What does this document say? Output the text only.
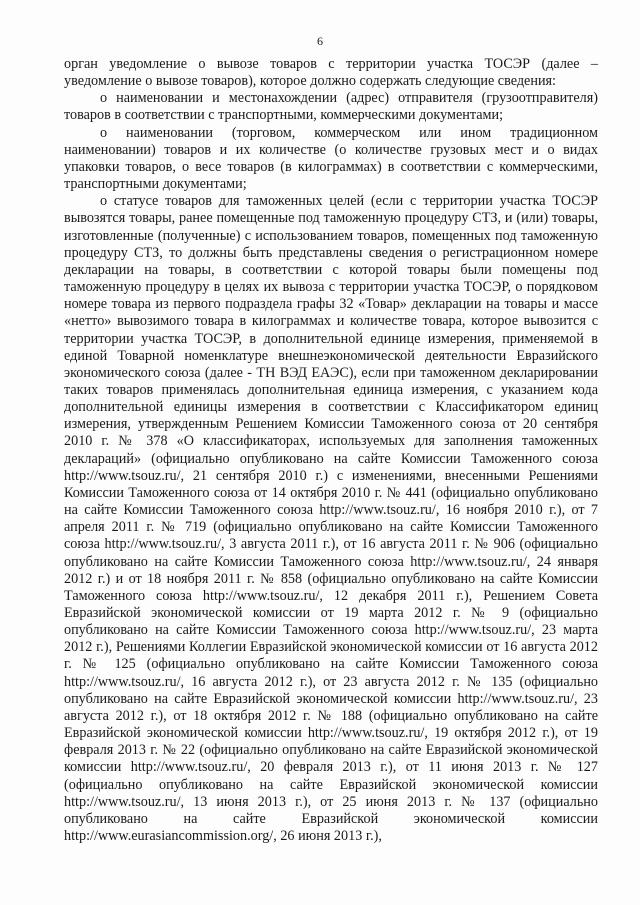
6

орган уведомление о вывозе товаров с территории участка ТОСЭР (далее – уведомление о вывозе товаров), которое должно содержать следующие сведения:

о наименовании и местонахождении (адрес) отправителя (грузоотправителя) товаров в соответствии с транспортными, коммерческими документами;

о наименовании (торговом, коммерческом или ином традиционном наименовании) товаров и их количестве (о количестве грузовых мест и о видах упаковки товаров, о весе товаров (в килограммах) в соответствии с коммерческими, транспортными документами;

о статусе товаров для таможенных целей (если с территории участка ТОСЭР вывозятся товары, ранее помещенные под таможенную процедуру СТЗ, и (или) товары, изготовленные (полученные) с использованием товаров, помещенных под таможенную процедуру СТЗ, то должны быть представлены сведения о регистрационном номере декларации на товары, в соответствии с которой товары были помещены под таможенную процедуру в целях их вывоза с территории участка ТОСЭР, о порядковом номере товара из первого подраздела графы 32 «Товар» декларации на товары и массе «нетто» вывозимого товара в килограммах и количестве товара, которое вывозится с территории участка ТОСЭР, в дополнительной единице измерения, применяемой в единой Товарной номенклатуре внешнеэкономической деятельности Евразийского экономического союза (далее - ТН ВЭД ЕАЭС), если при таможенном декларировании таких товаров применялась дополнительная единица измерения, с указанием кода дополнительной единицы измерения в соответствии с Классификатором единиц измерения, утвержденным Решением Комиссии Таможенного союза от 20 сентября 2010 г. № 378 «О классификаторах, используемых для заполнения таможенных деклараций» (официально опубликовано на сайте Комиссии Таможенного союза http://www.tsouz.ru/, 21 сентября 2010 г.) с изменениями, внесенными Решениями Комиссии Таможенного союза от 14 октября 2010 г. № 441 (официально опубликовано на сайте Комиссии Таможенного союза http://www.tsouz.ru/, 16 ноября 2010 г.), от 7 апреля 2011 г. № 719 (официально опубликовано на сайте Комиссии Таможенного союза http://www.tsouz.ru/, 3 августа 2011 г.), от 16 августа 2011 г. № 906 (официально опубликовано на сайте Комиссии Таможенного союза http://www.tsouz.ru/, 24 января 2012 г.) и от 18 ноября 2011 г. № 858 (официально опубликовано на сайте Комиссии Таможенного союза http://www.tsouz.ru/, 12 декабря 2011 г.), Решением Совета Евразийской экономической комиссии от 19 марта 2012 г. № 9 (официально опубликовано на сайте Комиссии Таможенного союза http://www.tsouz.ru/, 23 марта 2012 г.), Решениями Коллегии Евразийской экономической комиссии от 16 августа 2012 г. № 125 (официально опубликовано на сайте Комиссии Таможенного союза http://www.tsouz.ru/, 16 августа 2012 г.), от 23 августа 2012 г. № 135 (официально опубликовано на сайте Евразийской экономической комиссии http://www.tsouz.ru/, 23 августа 2012 г.), от 18 октября 2012 г. № 188 (официально опубликовано на сайте Евразийской экономической комиссии http://www.tsouz.ru/, 19 октября 2012 г.), от 19 февраля 2013 г. № 22 (официально опубликовано на сайте Евразийской экономической комиссии http://www.tsouz.ru/, 20 февраля 2013 г.), от 11 июня 2013 г. № 127 (официально опубликовано на сайте Евразийской экономической комиссии http://www.tsouz.ru/, 13 июня 2013 г.), от 25 июня 2013 г. № 137 (официально опубликовано на сайте Евразийской экономической комиссии http://www.eurasiancommission.org/, 26 июня 2013 г.),
